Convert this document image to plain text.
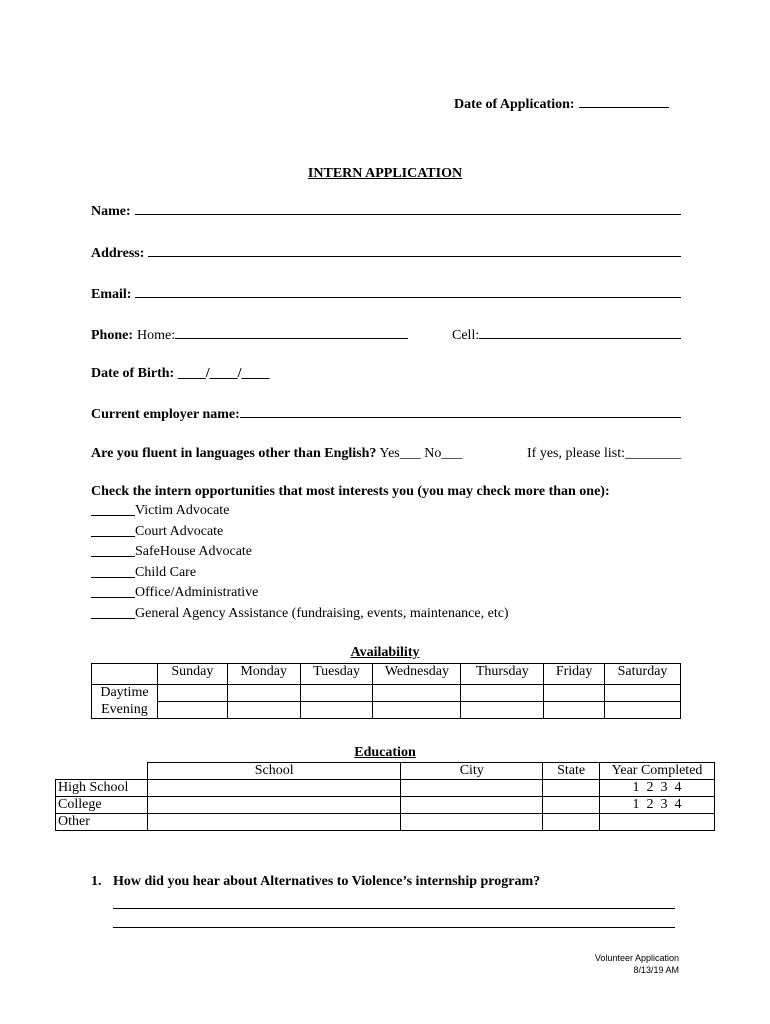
Date of Application:
INTERN APPLICATION
Name:
Address:
Email:
Phone: Home:	Cell:
Date of Birth: ____/____/____
Current employer name:
Are you fluent in languages other than English? Yes___ No___	If yes, please list:________
Check the intern opportunities that most interests you (you may check more than one):
Victim Advocate
Court Advocate
SafeHouse Advocate
Child Care
Office/Administrative
General Agency Assistance (fundraising, events, maintenance, etc)
Availability
	Sunday	Monday	Tuesday	Wednesday	Thursday	Friday	Saturday
Daytime							
Evening							
Education
	School	City	State	Year Completed
High School				1  2  3  4
College				1  2  3  4
Other				
1. How did you hear about Alternatives to Violence’s internship program?
Volunteer Application
8/13/19 AM
